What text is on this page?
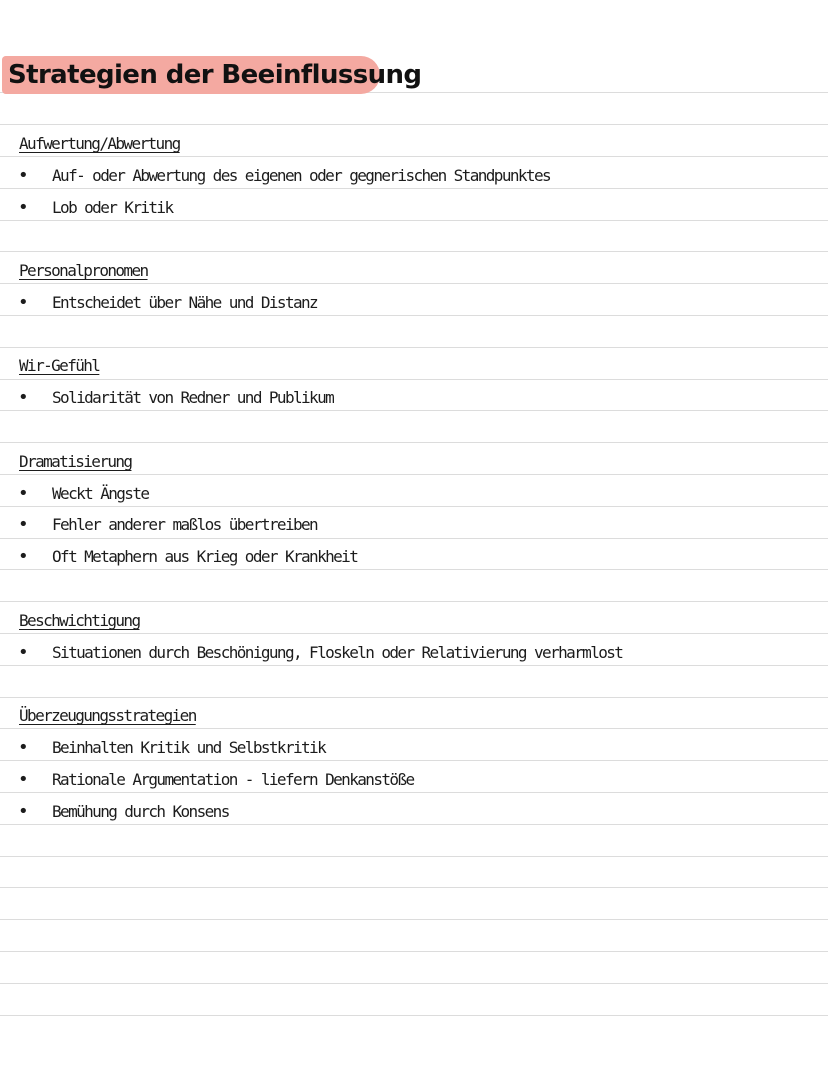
Strategien der Beeinflussung
Aufwertung/Abwertung
• Auf- oder Abwertung des eigenen oder gegnerischen Standpunktes
• Lob oder Kritik
Personalpronomen
• Entscheidet über Nähe und Distanz
Wir-Gefühl
• Solidarität von Redner und Publikum
Dramatisierung
• Weckt Ängste
• Fehler anderer maßlos übertreiben
• Oft Metaphern aus Krieg oder Krankheit
Beschwichtigung
• Situationen durch Beschönigung, Floskeln oder Relativierung verharmlost
Überzeugungsstrategien
• Beinhalten Kritik und Selbstkritik
• Rationale Argumentation - liefern Denkanstöße
• Bemühung durch Konsens
